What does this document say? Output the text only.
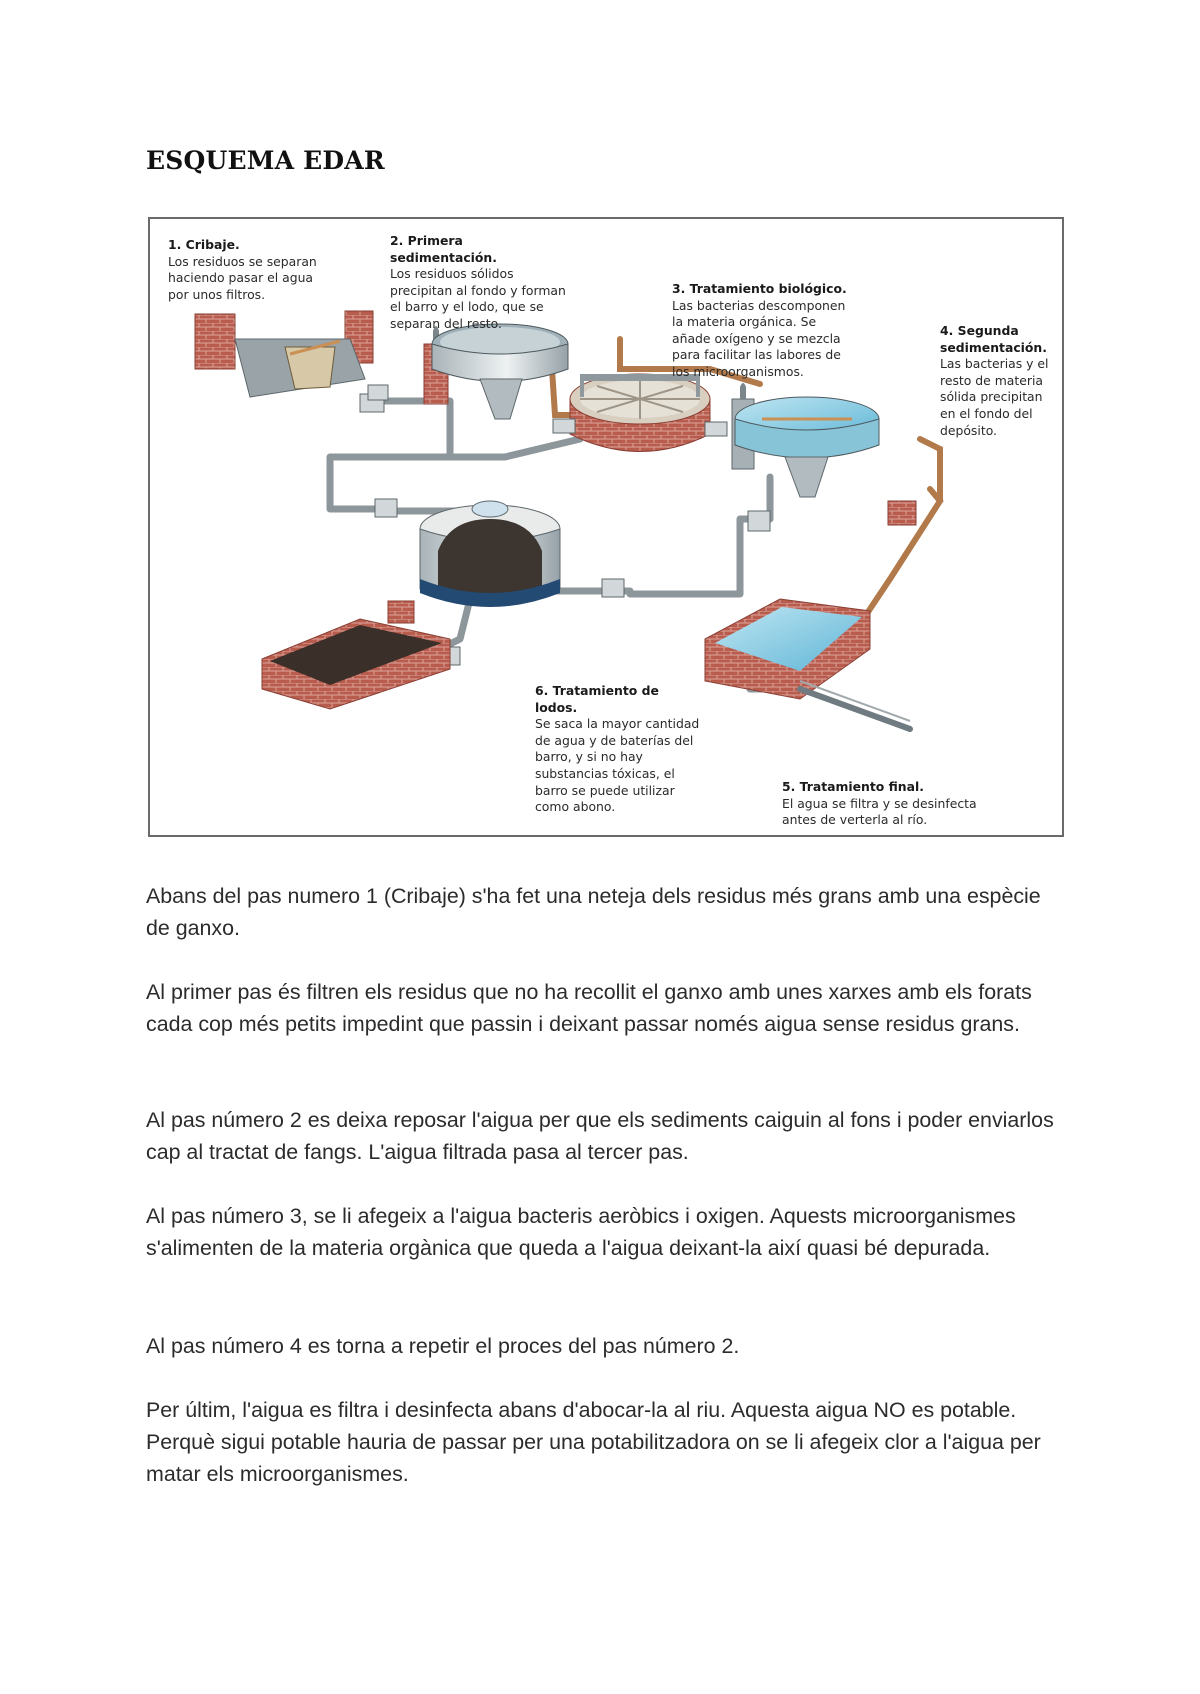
ESQUEMA EDAR
1. Cribaje.
Los residuos se separan haciendo pasar el agua por unos filtros.
2. Primera sedimentación.
Los residuos sólidos precipitan al fondo y forman el barro y el lodo, que se separan del resto.
3. Tratamiento biológico.
Las bacterias descomponen la materia orgánica. Se añade oxígeno y se mezcla para facilitar las labores de los microorganismos.
4. Segunda sedimentación.
Las bacterias y el resto de materia sólida precipitan en el fondo del depósito.
5. Tratamiento final.
El agua se filtra y se desinfecta antes de verterla al río.
6. Tratamiento de lodos.
Se saca la mayor cantidad de agua y de baterías del barro, y si no hay substancias tóxicas, el barro se puede utilizar como abono.

Abans del pas numero 1 (Cribaje) s'ha fet una neteja dels residus més grans amb una espècie de ganxo.

Al primer pas és filtren els residus que no ha recollit el ganxo amb unes xarxes amb els forats cada cop més petits impedint que passin i deixant passar només aigua sense residus grans.

Al pas número 2 es deixa reposar l'aigua per que els sediments caiguin al fons i poder enviarlos cap al tractat de fangs. L'aigua filtrada pasa al tercer pas.

Al pas número 3, se li afegeix a l'aigua bacteris aeròbics i oxigen. Aquests microorganismes s'alimenten de la materia orgànica que queda a l'aigua deixant-la així quasi bé depurada.

Al pas número 4 es torna a repetir el proces del pas número 2.

Per últim, l'aigua es filtra i desinfecta abans d'abocar-la al riu. Aquesta aigua NO es potable. Perquè sigui potable hauria de passar per una potabilitzadora on se li afegeix clor a l'aigua per matar els microorganismes.
